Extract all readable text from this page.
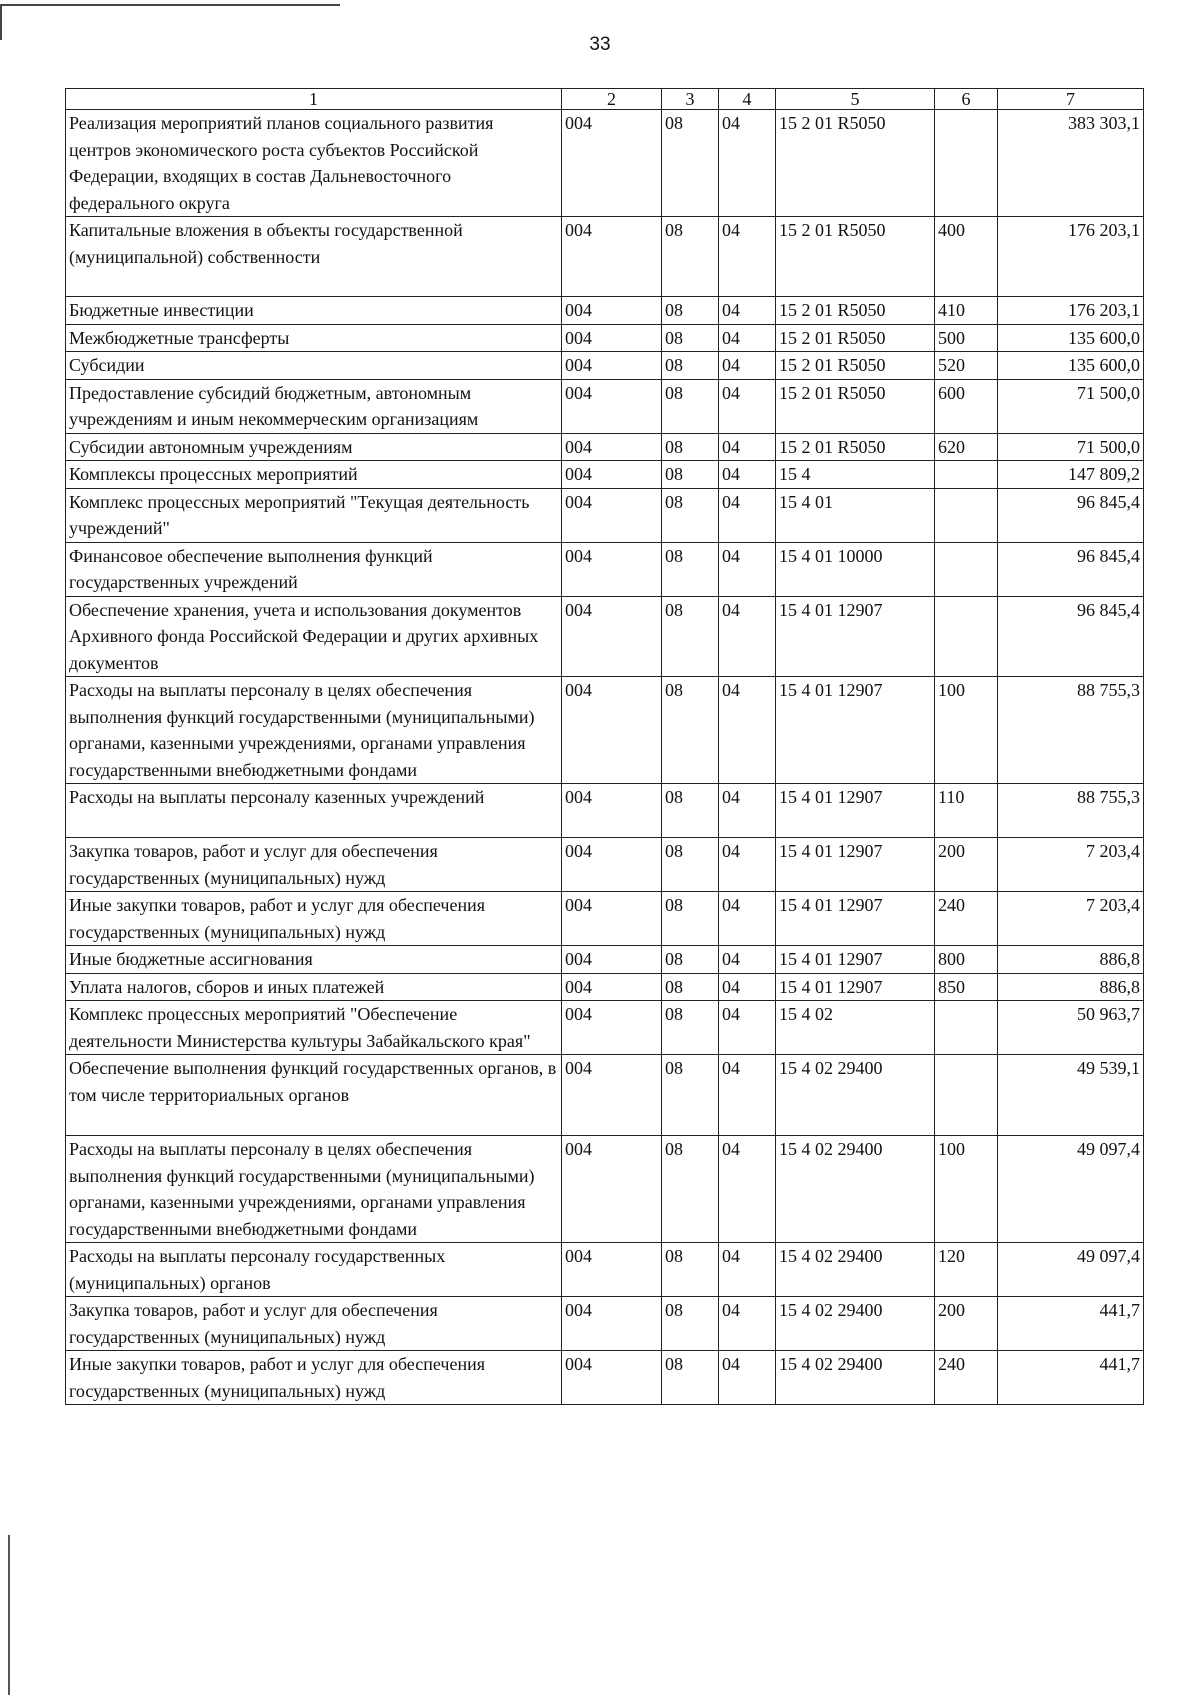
33
1	2	3	4	5	6	7
Реализация мероприятий планов социального развития центров экономического роста субъектов Российской Федерации, входящих в состав Дальневосточного федерального округа	004	08	04	15 2 01 R5050		383 303,1
Капитальные вложения в объекты государственной (муниципальной) собственности	004	08	04	15 2 01 R5050	400	176 203,1
Бюджетные инвестиции	004	08	04	15 2 01 R5050	410	176 203,1
Межбюджетные трансферты	004	08	04	15 2 01 R5050	500	135 600,0
Субсидии	004	08	04	15 2 01 R5050	520	135 600,0
Предоставление субсидий бюджетным, автономным учреждениям и иным некоммерческим организациям	004	08	04	15 2 01 R5050	600	71 500,0
Субсидии автономным учреждениям	004	08	04	15 2 01 R5050	620	71 500,0
Комплексы процессных мероприятий	004	08	04	15 4		147 809,2
Комплекс процессных мероприятий "Текущая деятельность учреждений"	004	08	04	15 4 01		96 845,4
Финансовое обеспечение выполнения функций государственных учреждений	004	08	04	15 4 01 10000		96 845,4
Обеспечение хранения, учета и использования документов Архивного фонда Российской Федерации и других архивных документов	004	08	04	15 4 01 12907		96 845,4
Расходы на выплаты персоналу в целях обеспечения выполнения функций государственными (муниципальными) органами, казенными учреждениями, органами управления государственными внебюджетными фондами	004	08	04	15 4 01 12907	100	88 755,3
Расходы на выплаты персоналу казенных учреждений	004	08	04	15 4 01 12907	110	88 755,3
Закупка товаров, работ и услуг для обеспечения государственных (муниципальных) нужд	004	08	04	15 4 01 12907	200	7 203,4
Иные закупки товаров, работ и услуг для обеспечения государственных (муниципальных) нужд	004	08	04	15 4 01 12907	240	7 203,4
Иные бюджетные ассигнования	004	08	04	15 4 01 12907	800	886,8
Уплата налогов, сборов и иных платежей	004	08	04	15 4 01 12907	850	886,8
Комплекс процессных мероприятий "Обеспечение деятельности Министерства культуры Забайкальского края"	004	08	04	15 4 02		50 963,7
Обеспечение выполнения функций государственных органов, в том числе территориальных органов	004	08	04	15 4 02 29400		49 539,1
Расходы на выплаты персоналу в целях обеспечения выполнения функций государственными (муниципальными) органами, казенными учреждениями, органами управления государственными внебюджетными фондами	004	08	04	15 4 02 29400	100	49 097,4
Расходы на выплаты персоналу государственных (муниципальных) органов	004	08	04	15 4 02 29400	120	49 097,4
Закупка товаров, работ и услуг для обеспечения государственных (муниципальных) нужд	004	08	04	15 4 02 29400	200	441,7
Иные закупки товаров, работ и услуг для обеспечения государственных (муниципальных) нужд	004	08	04	15 4 02 29400	240	441,7
